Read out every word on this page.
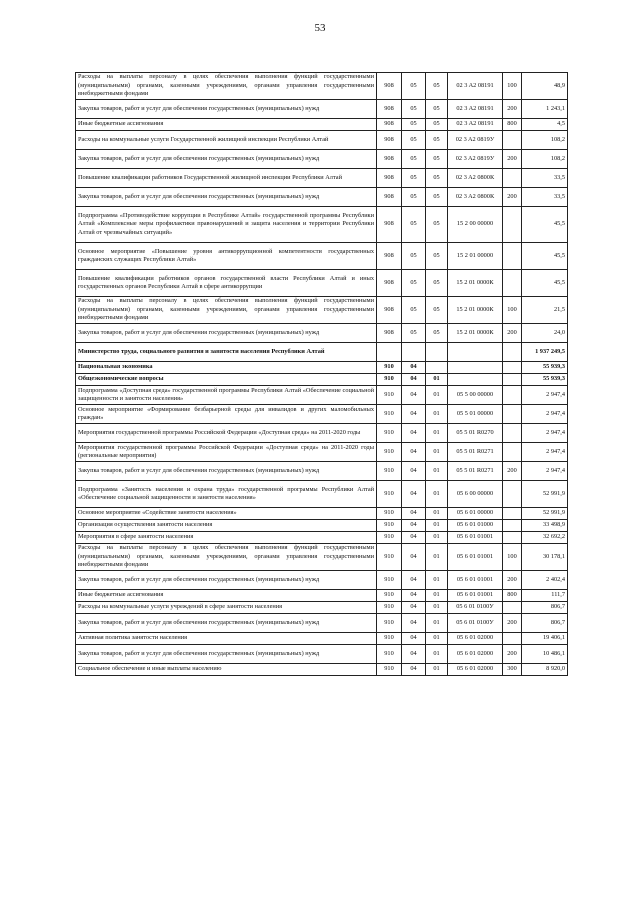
53
Расходы на выплаты персоналу в целях обеспечения выполнения функций государственными (муниципальными) органами, казенными учреждениями, органами управления государственными внебюджетными фондами	908	05	05	02 3 A2 08191	100	48,9
Закупка товаров, работ и услуг для обеспечения государственных (муниципальных) нужд	908	05	05	02 3 A2 08191	200	1 243,1
Иные бюджетные ассигнования	908	05	05	02 3 A2 08191	800	4,5
Расходы на коммунальные услуги Государственной жилищной инспекции Республики Алтай	908	05	05	02 3 A2 0819У		108,2
Закупка товаров, работ и услуг для обеспечения государственных (муниципальных) нужд	908	05	05	02 3 A2 0819У	200	108,2
Повышение квалификации работников Государственной жилищной инспекции Республики Алтай	908	05	05	02 3 A2 0800К		33,5
Закупка товаров, работ и услуг для обеспечения государственных (муниципальных) нужд	908	05	05	02 3 A2 0800К	200	33,5
Подпрограмма «Противодействие коррупции в Республике Алтай» государственной программы Республики Алтай «Комплексные меры профилактики правонарушений и защита населения и территории Республики Алтай от чрезвычайных ситуаций»	908	05	05	15 2 00 00000		45,5
Основное мероприятие «Повышение уровня антикоррупционной компетентности государственных гражданских служащих Республики Алтай»	908	05	05	15 2 01 00000		45,5
Повышение квалификации работников органов государственной власти Республики Алтай и иных государственных органов Республики Алтай в сфере антикоррупции	908	05	05	15 2 01 0000К		45,5
Расходы на выплаты персоналу в целях обеспечения выполнения функций государственными (муниципальными) органами, казенными учреждениями, органами управления государственными внебюджетными фондами	908	05	05	15 2 01 0000К	100	21,5
Закупка товаров, работ и услуг для обеспечения государственных (муниципальных) нужд	908	05	05	15 2 01 0000К	200	24,0
Министерство труда, социального развития и занятости населения Республики Алтай						1 937 249,5
Национальная экономика	910	04				55 939,3
Общеэкономические вопросы	910	04	01			55 939,3
Подпрограмма «Доступная среда» государственной программы Республики Алтай «Обеспечение социальной защищенности и занятости населения»	910	04	01	05 5 00 00000		2 947,4
Основное мероприятие «Формирование безбарьерной среды для инвалидов и других маломобильных граждан»	910	04	01	05 5 01 00000		2 947,4
Мероприятия государственной программы Российской Федерации «Доступная среда» на 2011-2020 годы	910	04	01	05 5 01 R0270		2 947,4
Мероприятия государственной программы Российской Федерации «Доступная среда» на 2011-2020 годы (региональные мероприятия)	910	04	01	05 5 01 R0271		2 947,4
Закупка товаров, работ и услуг для обеспечения государственных (муниципальных) нужд	910	04	01	05 5 01 R0271	200	2 947,4
Подпрограмма «Занятость населения и охрана труда» государственной программы Республики Алтай «Обеспечение социальной защищенности и занятости населения»	910	04	01	05 6 00 00000		52 991,9
Основное мероприятие «Содействие занятости населения»	910	04	01	05 6 01 00000		52 991,9
Организация осуществления занятости населения	910	04	01	05 6 01 01000		33 498,9
Мероприятия в сфере занятости населения	910	04	01	05 6 01 01001		32 692,2
Расходы на выплаты персоналу в целях обеспечения выполнения функций государственными (муниципальными) органами, казенными учреждениями, органами управления государственными внебюджетными фондами	910	04	01	05 6 01 01001	100	30 178,1
Закупка товаров, работ и услуг для обеспечения государственных (муниципальных) нужд	910	04	01	05 6 01 01001	200	2 402,4
Иные бюджетные ассигнования	910	04	01	05 6 01 01001	800	111,7
Расходы на коммунальные услуги учреждений в сфере занятости населения	910	04	01	05 6 01 0100У		806,7
Закупка товаров, работ и услуг для обеспечения государственных (муниципальных) нужд	910	04	01	05 6 01 0100У	200	806,7
Активная политика занятости населения	910	04	01	05 6 01 02000		19 406,1
Закупка товаров, работ и услуг для обеспечения государственных (муниципальных) нужд	910	04	01	05 6 01 02000	200	10 486,1
Социальное обеспечение и иные выплаты населению	910	04	01	05 6 01 02000	300	8 920,0
